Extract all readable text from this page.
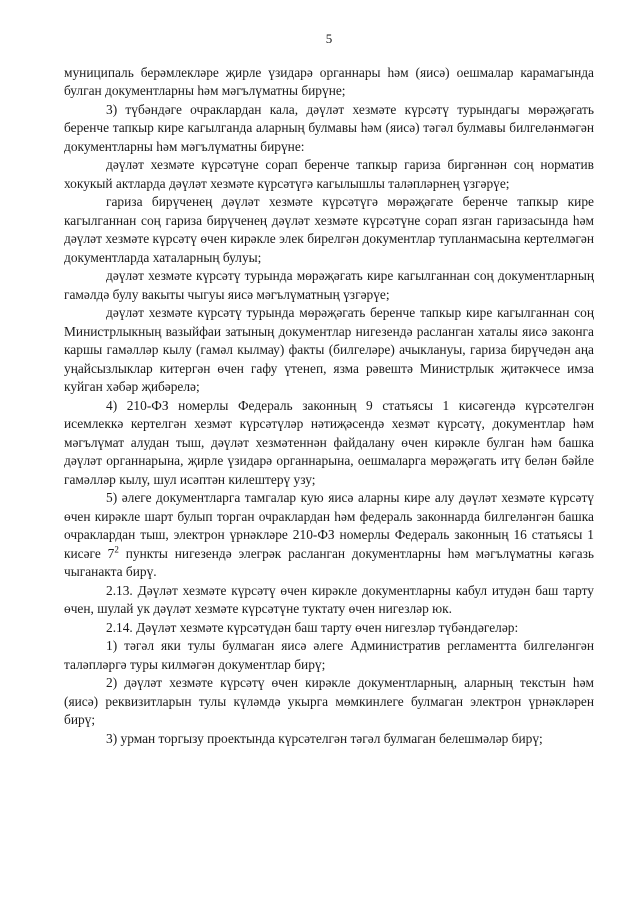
5

муниципаль берәмлекләре җирле үзидарә органнары һәм (яисә) оешмалар карамагында булган документларны һәм мәгълүматны бирүне;

3) түбәндәге очраклардан кала, дәүләт хезмәте күрсәтү турындагы мөрәҗәгать беренче тапкыр кире кагылганда аларның булмавы һәм (яисә) тәгәл булмавы билгеләнмәгән документларны һәм мәгълүматны бирүне:

дәүләт хезмәте күрсәтүне сорап беренче тапкыр гариза биргәннән соң норматив хокукый актларда дәүләт хезмәте күрсәтүгә кагылышлы таләпләрнең үзгәрүе;

гариза бирүченең дәүләт хезмәте күрсәтүгә мөрәҗәгате беренче тапкыр кире кагылганнан соң гариза бирүченең дәүләт хезмәте күрсәтүне сорап язган гаризасында һәм дәүләт хезмәте күрсәтү өчен кирәкле элек бирелгән документлар тупланмасына кертелмәгән документларда хаталарның булуы;

дәүләт хезмәте күрсәтү турында мөрәҗәгать кире кагылганнан соң документларның гамәлдә булу вакыты чыгуы яисә мәгълүматның үзгәрүе;

дәүләт хезмәте күрсәтү турында мөрәҗәгать беренче тапкыр кире кагылганнан соң Министрлыкның вазыйфаи затының документлар нигезендә расланган хаталы яисә законга каршы гамәлләр кылу (гамәл кылмау) факты (билгеләре) ачыклануы, гариза бирүчедән аңа уңайсызлыклар китергән өчен гафу үтенеп, язма рәвештә Министрлык җитәкчесе имза куйган хәбәр җибәрелә;

4) 210-ФЗ номерлы Федераль законның 9 статьясы 1 кисәгендә күрсәтелгән исемлеккә кертелгән хезмәт күрсәтүләр нәтиҗәсендә хезмәт күрсәтү, документлар һәм мәгълүмат алудан тыш, дәүләт хезмәтеннән файдалану өчен кирәкле булган һәм башка дәүләт органнарына, җирле үзидарә органнарына, оешмаларга мөрәҗәгать итү белән бәйле гамәлләр кылу, шул исәптән килештерү узу;

5) әлеге документларга тамгалар кую яисә аларны кире алу дәүләт хезмәте күрсәтү өчен кирәкле шарт булып торган очраклардан һәм федераль законнарда билгеләнгән башка очраклардан тыш, электрон үрнәкләре 210-ФЗ номерлы Федераль законның 16 статьясы 1 кисәге $7^2$ пункты нигезендә элегрәк расланган документларны һәм мәгълүматны кәгазь чыганакта бирү.

2.13. Дәүләт хезмәте күрсәтү өчен кирәкле документларны кабул итудән баш тарту өчен, шулай ук дәүләт хезмәте күрсәтүне туктату өчен нигезләр юк.

2.14. Дәүләт хезмәте күрсәтүдән баш тарту өчен нигезләр түбәндәгеләр:

1) тәгәл яки тулы булмаган яисә әлеге Административ регламентта билгеләнгән таләпләргә туры килмәгән документлар бирү;

2) дәүләт хезмәте күрсәтү өчен кирәкле документларның, аларның текстын һәм (яисә) реквизитларын тулы күләмдә укырга мөмкинлеге булмаган электрон үрнәкләрен бирү;

3) урман торгызу проектында күрсәтелгән тәгәл булмаган белешмәләр бирү;
